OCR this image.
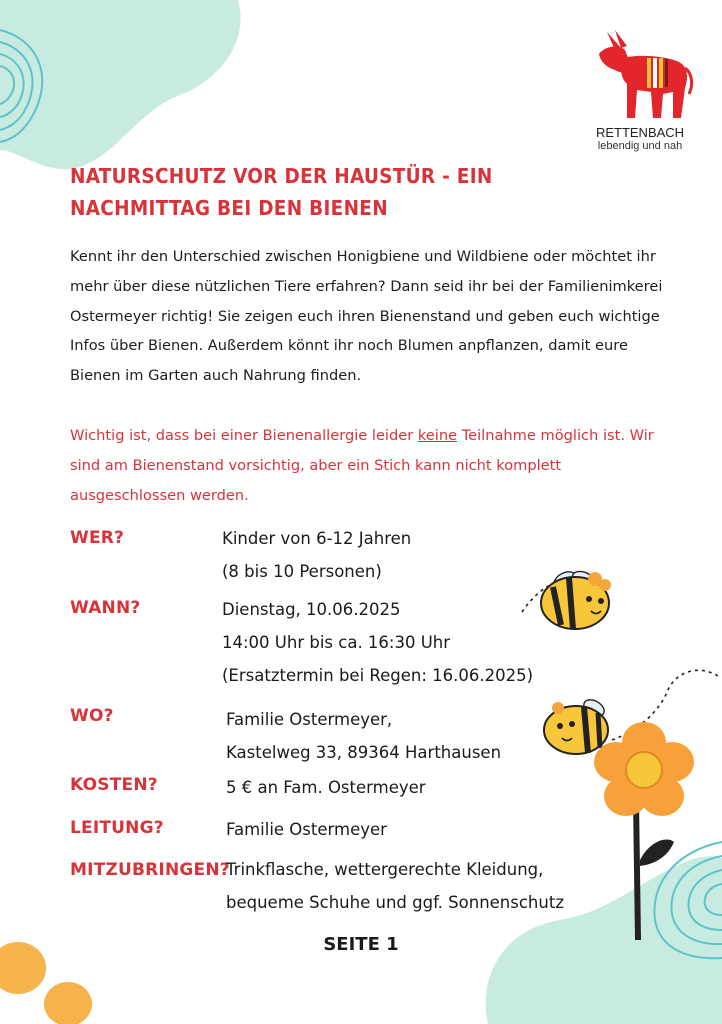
RETTENBACH
lebendig und nah
NATURSCHUTZ VOR DER HAUSTÜR - EIN NACHMITTAG BEI DEN BIENEN

Kennt ihr den Unterschied zwischen Honigbiene und Wildbiene oder möchtet ihr mehr über diese nützlichen Tiere erfahren? Dann seid ihr bei der Familienimkerei Ostermeyer richtig! Sie zeigen euch ihren Bienenstand und geben euch wichtige Infos über Bienen. Außerdem könnt ihr noch Blumen anpflanzen, damit eure Bienen im Garten auch Nahrung finden.

Wichtig ist, dass bei einer Bienenallergie leider keine Teilnahme möglich ist. Wir sind am Bienenstand vorsichtig, aber ein Stich kann nicht komplett ausgeschlossen werden.

WER?	Kinder von 6-12 Jahren
(8 bis 10 Personen)
WANN?	Dienstag, 10.06.2025
14:00 Uhr bis ca. 16:30 Uhr
(Ersatztermin bei Regen: 16.06.2025)
WO?	Familie Ostermeyer,
Kastelweg 33, 89364 Harthausen
KOSTEN?	5 € an Fam. Ostermeyer
LEITUNG?	Familie Ostermeyer
MITZUBRINGEN?
Trinkflasche, wettergerechte Kleidung,
bequeme Schuhe und ggf. Sonnenschutz
SEITE 1
